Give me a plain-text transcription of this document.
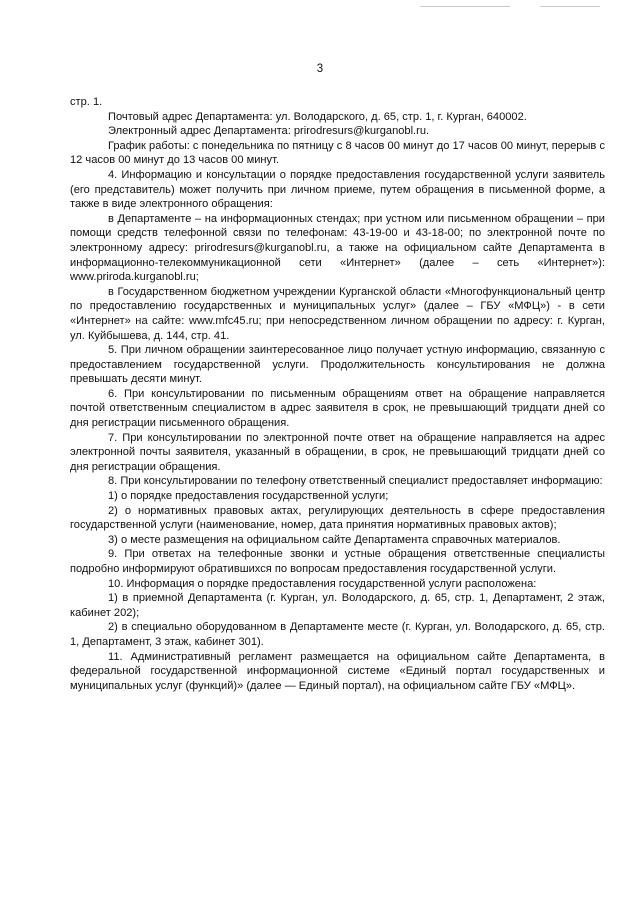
3

стр. 1.

Почтовый адрес Департамента: ул. Володарского, д. 65, стр. 1, г. Курган, 640002.

Электронный адрес Департамента: prirodresurs@kurganobl.ru.

График работы: с понедельника по пятницу с 8 часов 00 минут до 17 часов 00 минут, перерыв с 12 часов 00 минут до 13 часов 00 минут.

4. Информацию и консультации о порядке предоставления государственной услуги заявитель (его представитель) может получить при личном приеме, путем обращения в письменной форме, а также в виде электронного обращения:

в Департаменте – на информационных стендах; при устном или письменном обращении – при помощи средств телефонной связи по телефонам: 43-19-00 и 43-18-00; по электронной почте по электронному адресу: prirodresurs@kurganobl.ru, а также на официальном сайте Департамента в информационно-телекоммуникационной сети «Интернет» (далее – сеть «Интернет»): www.priroda.kurganobl.ru;

в Государственном бюджетном учреждении Курганской области «Многофункциональный центр по предоставлению государственных и муниципальных услуг» (далее – ГБУ «МФЦ») - в сети «Интернет» на сайте: www.mfc45.ru; при непосредственном личном обращении по адресу: г. Курган, ул. Куйбышева, д. 144, стр. 41.

5. При личном обращении заинтересованное лицо получает устную информацию, связанную с предоставлением государственной услуги. Продолжительность консультирования не должна превышать десяти минут.

6. При консультировании по письменным обращениям ответ на обращение направляется почтой ответственным специалистом в адрес заявителя в срок, не превышающий тридцати дней со дня регистрации письменного обращения.

7. При консультировании по электронной почте ответ на обращение направляется на адрес электронной почты заявителя, указанный в обращении, в срок, не превышающий тридцати дней со дня регистрации обращения.

8. При консультировании по телефону ответственный специалист предоставляет информацию:

1) о порядке предоставления государственной услуги;

2) о нормативных правовых актах, регулирующих деятельность в сфере предоставления государственной услуги (наименование, номер, дата принятия нормативных правовых актов);

3) о месте размещения на официальном сайте Департамента справочных материалов.

9. При ответах на телефонные звонки и устные обращения ответственные специалисты подробно информируют обратившихся по вопросам предоставления государственной услуги.

10. Информация о порядке предоставления государственной услуги расположена:

1) в приемной Департамента (г. Курган, ул. Володарского, д. 65, стр. 1, Департамент, 2 этаж, кабинет 202);

2) в специально оборудованном в Департаменте месте (г. Курган, ул. Володарского, д. 65, стр. 1, Департамент, 3 этаж, кабинет 301).

11. Административный регламент размещается на официальном сайте Департамента, в федеральной государственной информационной системе «Единый портал государственных и муниципальных услуг (функций)» (далее — Единый портал), на официальном сайте ГБУ «МФЦ».
